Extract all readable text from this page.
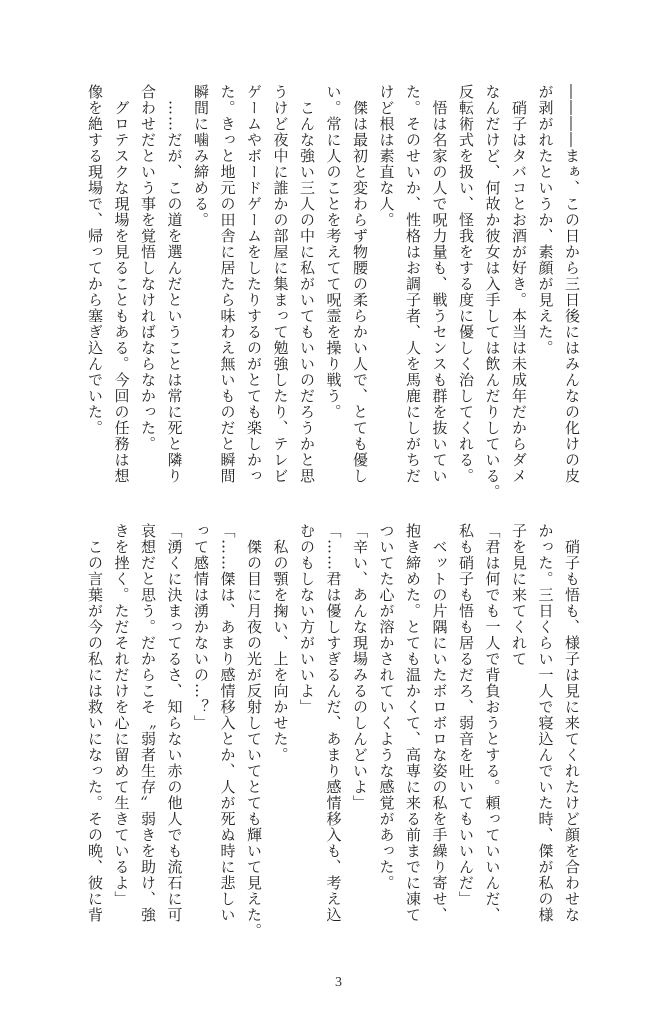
――――まぁ、この日から三日後にはみんなの化けの皮
が剥がれたというか、素顔が見えた。
　硝子はタバコとお酒が好き。本当は未成年だからダメ
なんだけど、何故か彼女は入手しては飲んだりしている。
反転術式を扱い、怪我をする度に優しく治してくれる。
　悟は名家の人で呪力量も、戦うセンスも群を抜いてい
た。そのせいか、性格はお調子者、人を馬鹿にしがちだ
けど根は素直な人。
　傑は最初と変わらず物腰の柔らかい人で、とても優し
い。常に人のことを考えてて呪霊を操り戦う。
　こんな強い三人の中に私がいてもいいのだろうかと思
うけど夜中に誰かの部屋に集まって勉強したり、テレビ
ゲームやボードゲームをしたりするのがとても楽しかっ
た。きっと地元の田舎に居たら味わえ無いものだと瞬間
瞬間に噛み締める。
　……だが、この道を選んだということは常に死と隣り
合わせだという事を覚悟しなければならなかった。
　グロテスクな現場を見ることもある。今回の任務は想
像を絶する現場で、帰ってから塞ぎ込んでいた。
　硝子も悟も、様子は見に来てくれたけど顔を合わせな
かった。三日くらい一人で寝込んでいた時、傑が私の様
子を見に来てくれて
「君は何でも一人で背負おうとする。頼っていいんだ、
私も硝子も悟も居るだろ、弱音を吐いてもいいんだ」
　ベットの片隅にいたボロボロな姿の私を手繰り寄せ、
抱き締めた。とても温かくて、高専に来る前までに凍て
ついてた心が溶かされていくような感覚があった。
「辛い、あんな現場みるのしんどいよ」
「……君は優しすぎるんだ、あまり感情移入も、考え込
むのもしない方がいいよ」
　私の顎を掬い、上を向かせた。
　傑の目に月夜の光が反射していてとても輝いて見えた。
「……傑は、あまり感情移入とか、人が死ぬ時に悲しい
って感情は湧かないの…？」
「湧くに決まってるさ、知らない赤の他人でも流石に可
哀想だと思う。だからこそ〝弱者生存〟弱きを助け、強
きを挫く。ただそれだけを心に留めて生きているよ」
　この言葉が今の私には救いになった。その晩、彼に背
3
